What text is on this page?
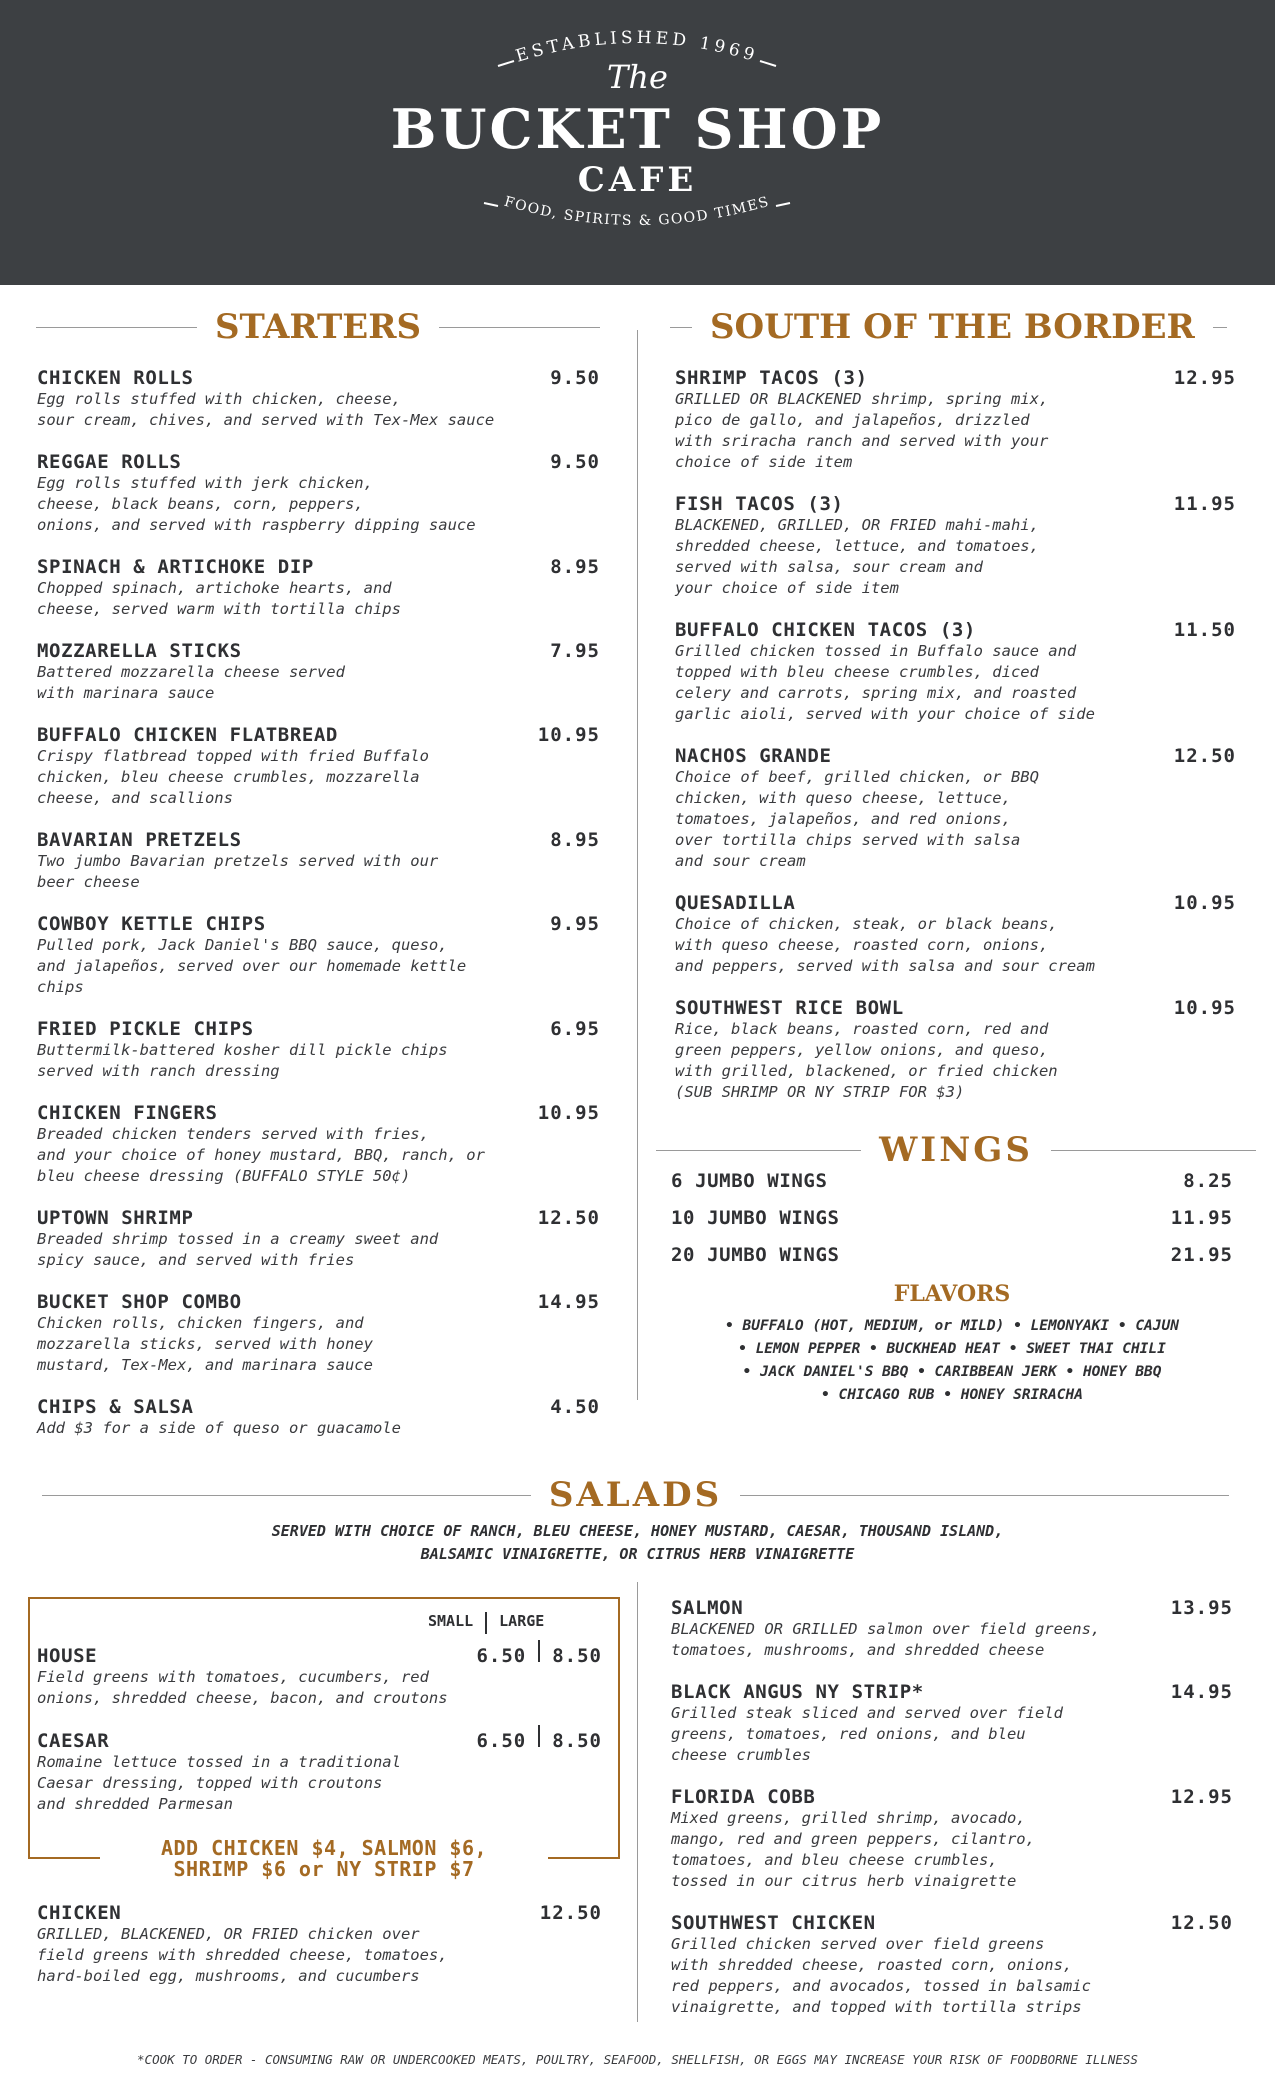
ESTABLISHED 1969
FOOD, SPIRITS & GOOD TIMES
The
BUCKET SHOP
CAFE
STARTERS	SOUTH OF THE BORDER
CHICKEN ROLLS	9.50
Egg rolls stuffed with chicken, cheese,
sour cream, chives, and served with Tex-Mex sauce
REGGAE ROLLS	9.50
Egg rolls stuffed with jerk chicken,
cheese, black beans, corn, peppers,
onions, and served with raspberry dipping sauce
SPINACH & ARTICHOKE DIP	8.95
Chopped spinach, artichoke hearts, and
cheese, served warm with tortilla chips
MOZZARELLA STICKS	7.95
Battered mozzarella cheese served
with marinara sauce
BUFFALO CHICKEN FLATBREAD	10.95
Crispy flatbread topped with fried Buffalo
chicken, bleu cheese crumbles, mozzarella
cheese, and scallions
BAVARIAN PRETZELS	8.95
Two jumbo Bavarian pretzels served with our
beer cheese
COWBOY KETTLE CHIPS	9.95
Pulled pork, Jack Daniel's BBQ sauce, queso,
and jalapeños, served over our homemade kettle
chips
FRIED PICKLE CHIPS	6.95
Buttermilk-battered kosher dill pickle chips
served with ranch dressing
CHICKEN FINGERS	10.95
Breaded chicken tenders served with fries,
and your choice of honey mustard, BBQ, ranch, or
bleu cheese dressing (BUFFALO STYLE 50¢)
UPTOWN SHRIMP	12.50
Breaded shrimp tossed in a creamy sweet and
spicy sauce, and served with fries
BUCKET SHOP COMBO	14.95
Chicken rolls, chicken fingers, and
mozzarella sticks, served with honey
mustard, Tex-Mex, and marinara sauce
CHIPS & SALSA	4.50
Add $3 for a side of queso or guacamole
SHRIMP TACOS (3)	12.95
GRILLED OR BLACKENED shrimp, spring mix,
pico de gallo, and jalapeños, drizzled
with sriracha ranch and served with your
choice of side item
FISH TACOS (3)	11.95
BLACKENED, GRILLED, OR FRIED mahi-mahi,
shredded cheese, lettuce, and tomatoes,
served with salsa, sour cream and
your choice of side item
BUFFALO CHICKEN TACOS (3)	11.50
Grilled chicken tossed in Buffalo sauce and
topped with bleu cheese crumbles, diced
celery and carrots, spring mix, and roasted
garlic aioli, served with your choice of side
NACHOS GRANDE	12.50
Choice of beef, grilled chicken, or BBQ
chicken, with queso cheese, lettuce,
tomatoes, jalapeños, and red onions,
over tortilla chips served with salsa
and sour cream
QUESADILLA	10.95
Choice of chicken, steak, or black beans,
with queso cheese, roasted corn, onions,
and peppers, served with salsa and sour cream
SOUTHWEST RICE BOWL	10.95
Rice, black beans, roasted corn, red and
green peppers, yellow onions, and queso,
with grilled, blackened, or fried chicken
(SUB SHRIMP OR NY STRIP FOR $3)
WINGS
6 JUMBO WINGS	8.25
10 JUMBO WINGS	11.95
20 JUMBO WINGS	21.95
FLAVORS
• BUFFALO (HOT, MEDIUM, or MILD) • LEMONYAKI • CAJUN
• LEMON PEPPER • BUCKHEAD HEAT • SWEET THAI CHILI
• JACK DANIEL'S BBQ • CARIBBEAN JERK • HONEY BBQ
• CHICAGO RUB • HONEY SRIRACHA
SALADS
SERVED WITH CHOICE OF RANCH, BLEU CHEESE, HONEY MUSTARD, CAESAR, THOUSAND ISLAND,
BALSAMIC VINAIGRETTE, OR CITRUS HERB VINAIGRETTE
SMALL LARGE
HOUSE	6.50 8.50
Field greens with tomatoes, cucumbers, red
onions, shredded cheese, bacon, and croutons
CAESAR	6.50 8.50
Romaine lettuce tossed in a traditional
Caesar dressing, topped with croutons
and shredded Parmesan
ADD CHICKEN $4, SALMON $6,
SHRIMP $6 or NY STRIP $7
CHICKEN	12.50
GRILLED, BLACKENED, OR FRIED chicken over
field greens with shredded cheese, tomatoes,
hard-boiled egg, mushrooms, and cucumbers
SALMON	13.95
BLACKENED OR GRILLED salmon over field greens,
tomatoes, mushrooms, and shredded cheese
BLACK ANGUS NY STRIP*	14.95
Grilled steak sliced and served over field
greens, tomatoes, red onions, and bleu
cheese crumbles
FLORIDA COBB	12.95
Mixed greens, grilled shrimp, avocado,
mango, red and green peppers, cilantro,
tomatoes, and bleu cheese crumbles,
tossed in our citrus herb vinaigrette
SOUTHWEST CHICKEN	12.50
Grilled chicken served over field greens
with shredded cheese, roasted corn, onions,
red peppers, and avocados, tossed in balsamic
vinaigrette, and topped with tortilla strips
*COOK TO ORDER - CONSUMING RAW OR UNDERCOOKED MEATS, POULTRY, SEAFOOD, SHELLFISH, OR EGGS MAY INCREASE YOUR RISK OF FOODBORNE ILLNESS
